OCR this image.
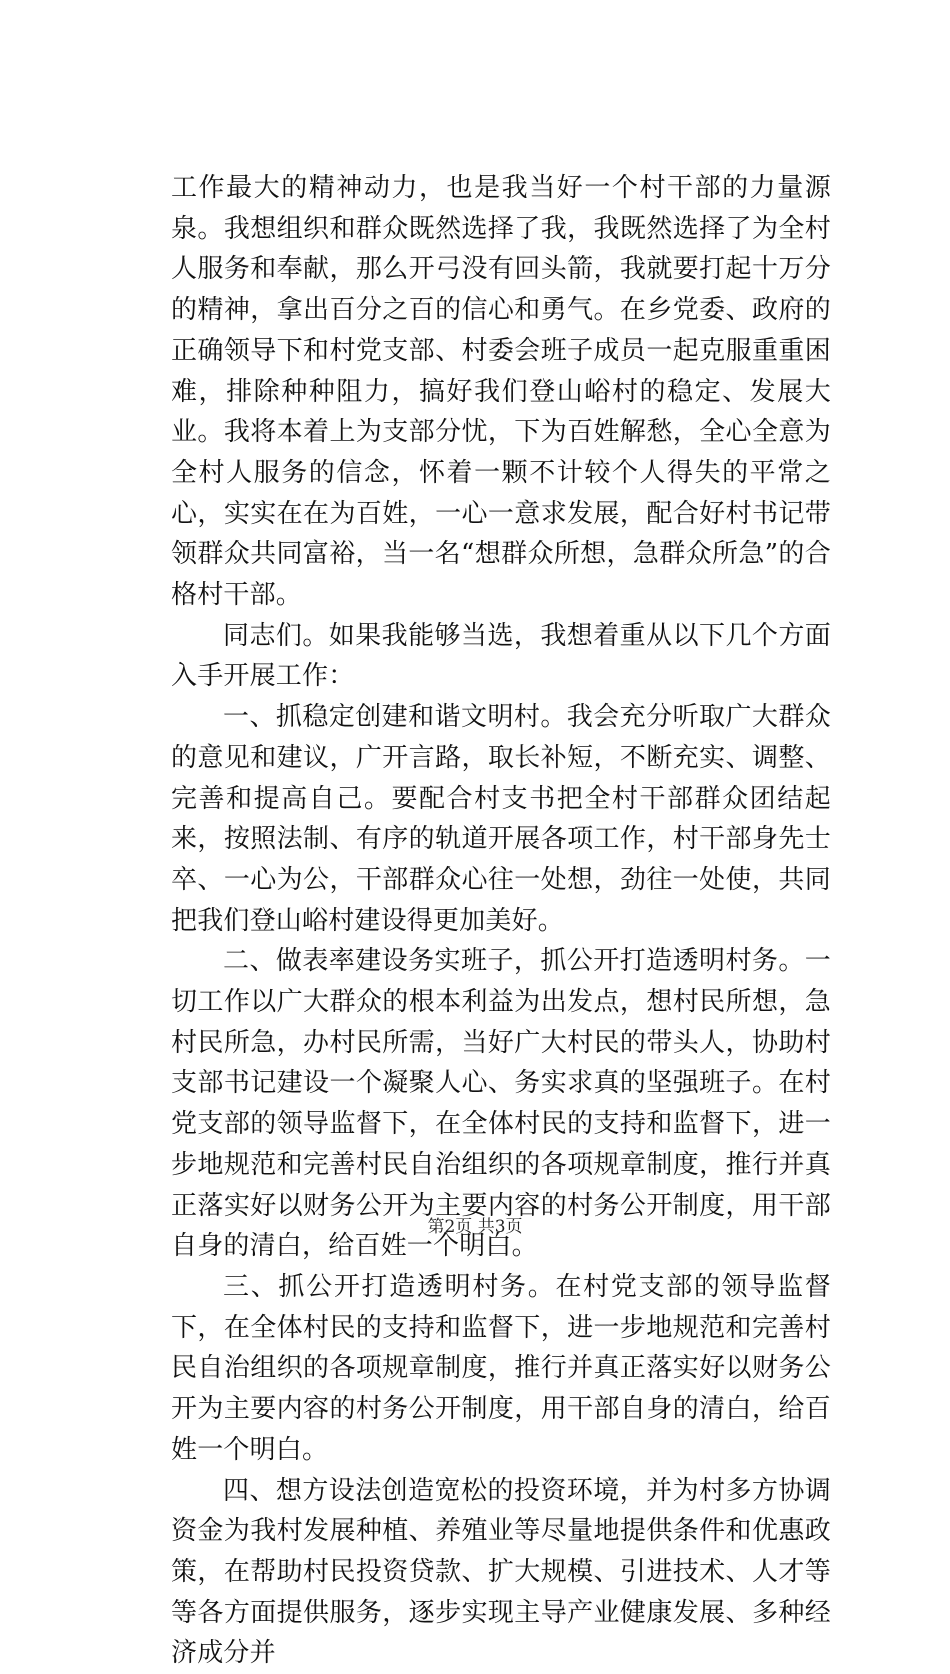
工作最大的精神动力，也是我当好一个村干部的力量源泉。我想组织和群众既然选择了我，我既然选择了为全村人服务和奉献，那么开弓没有回头箭，我就要打起十万分的精神，拿出百分之百的信心和勇气。在乡党委、政府的正确领导下和村党支部、村委会班子成员一起克服重重困难，排除种种阻力，搞好我们登山峪村的稳定、发展大业。我将本着上为支部分忧，下为百姓解愁，全心全意为全村人服务的信念，怀着一颗不计较个人得失的平常之心，实实在在为百姓，一心一意求发展，配合好村书记带领群众共同富裕，当一名“想群众所想，急群众所急”的合格村干部。

同志们。如果我能够当选，我想着重从以下几个方面入手开展工作：

一、抓稳定创建和谐文明村。我会充分听取广大群众的意见和建议，广开言路，取长补短，不断充实、调整、完善和提高自己。要配合村支书把全村干部群众团结起来，按照法制、有序的轨道开展各项工作，村干部身先士卒、一心为公，干部群众心往一处想，劲往一处使，共同把我们登山峪村建设得更加美好。

二、做表率建设务实班子，抓公开打造透明村务。一切工作以广大群众的根本利益为出发点，想村民所想，急村民所急，办村民所需，当好广大村民的带头人，协助村支部书记建设一个凝聚人心、务实求真的坚强班子。在村党支部的领导监督下，在全体村民的支持和监督下，进一步地规范和完善村民自治组织的各项规章制度，推行并真正落实好以财务公开为主要内容的村务公开制度，用干部自身的清白，给百姓一个明白。

三、抓公开打造透明村务。在村党支部的领导监督下，在全体村民的支持和监督下，进一步地规范和完善村民自治组织的各项规章制度，推行并真正落实好以财务公开为主要内容的村务公开制度，用干部自身的清白，给百姓一个明白。

四、想方设法创造宽松的投资环境，并为村多方协调资金为我村发展种植、养殖业等尽量地提供条件和优惠政策，在帮助村民投资贷款、扩大规模、引进技术、人才等等各方面提供服务，逐步实现主导产业健康发展、多种经济成分并

第2页 共3页
